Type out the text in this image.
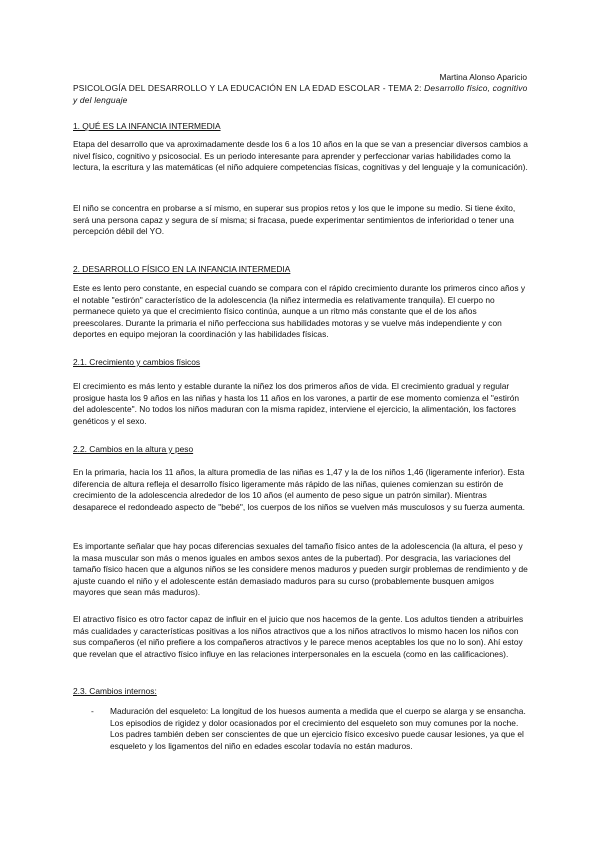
Martina Alonso Aparicio
PSICOLOGÍA DEL DESARROLLO Y LA EDUCACIÓN EN LA EDAD ESCOLAR - TEMA 2: Desarrollo físico, cognitivo y del lenguaje
1. QUÉ ES LA INFANCIA INTERMEDIA

Etapa del desarrollo que va aproximadamente desde los 6 a los 10 años en la que se van a presenciar diversos cambios a nivel físico, cognitivo y psicosocial. Es un periodo interesante para aprender y perfeccionar varias habilidades como la lectura, la escritura y las matemáticas (el niño adquiere competencias físicas, cognitivas y del lenguaje y la comunicación).

El niño se concentra en probarse a sí mismo, en superar sus propios retos y los que le impone su medio. Si tiene éxito, será una persona capaz y segura de sí misma; si fracasa, puede experimentar sentimientos de inferioridad o tener una percepción débil del YO.

2. DESARROLLO FÍSICO EN LA INFANCIA INTERMEDIA

Este es lento pero constante, en especial cuando se compara con el rápido crecimiento durante los primeros cinco años y el notable "estirón" característico de la adolescencia (la niñez intermedia es relativamente tranquila). El cuerpo no permanece quieto ya que el crecimiento físico continúa, aunque a un ritmo más constante que el de los años preescolares. Durante la primaria el niño perfecciona sus habilidades motoras y se vuelve más independiente y con deportes en equipo mejoran la coordinación y las habilidades físicas.

2.1. Crecimiento y cambios físicos

El crecimiento es más lento y estable durante la niñez los dos primeros años de vida. El crecimiento gradual y regular prosigue hasta los 9 años en las niñas y hasta los 11 años en los varones, a partir de ese momento comienza el "estirón del adolescente". No todos los niños maduran con la misma rapidez, interviene el ejercicio, la alimentación, los factores genéticos y el sexo.

2.2. Cambios en la altura y peso

En la primaria, hacia los 11 años, la altura promedia de las niñas es 1,47 y la de los niños 1,46 (ligeramente inferior). Esta diferencia de altura refleja el desarrollo físico ligeramente más rápido de las niñas, quienes comienzan su estirón de crecimiento de la adolescencia alrededor de los 10 años (el aumento de peso sigue un patrón similar). Mientras desaparece el redondeado aspecto de "bebé", los cuerpos de los niños se vuelven más musculosos y su fuerza aumenta.

Es importante señalar que hay pocas diferencias sexuales del tamaño físico antes de la adolescencia (la altura, el peso y la masa muscular son más o menos iguales en ambos sexos antes de la pubertad). Por desgracia, las variaciones del tamaño físico hacen que a algunos niños se les considere menos maduros y pueden surgir problemas de rendimiento y de ajuste cuando el niño y el adolescente están demasiado maduros para su curso (probablemente busquen amigos mayores que sean más maduros).

El atractivo físico es otro factor capaz de influir en el juicio que nos hacemos de la gente. Los adultos tienden a atribuirles más cualidades y características positivas a los niños atractivos que a los niños atractivos lo mismo hacen los niños con sus compañeros (el niño prefiere a los compañeros atractivos y le parece menos aceptables los que no lo son). Ahí estoy que revelan que el atractivo físico influye en las relaciones interpersonales en la escuela (como en las calificaciones).

2.3. Cambios internos:
- Maduración del esqueleto: La longitud de los huesos aumenta a medida que el cuerpo se alarga y se ensancha. Los episodios de rigidez y dolor ocasionados por el crecimiento del esqueleto son muy comunes por la noche. Los padres también deben ser conscientes de que un ejercicio físico excesivo puede causar lesiones, ya que el esqueleto y los ligamentos del niño en edades escolar todavía no están maduros.
